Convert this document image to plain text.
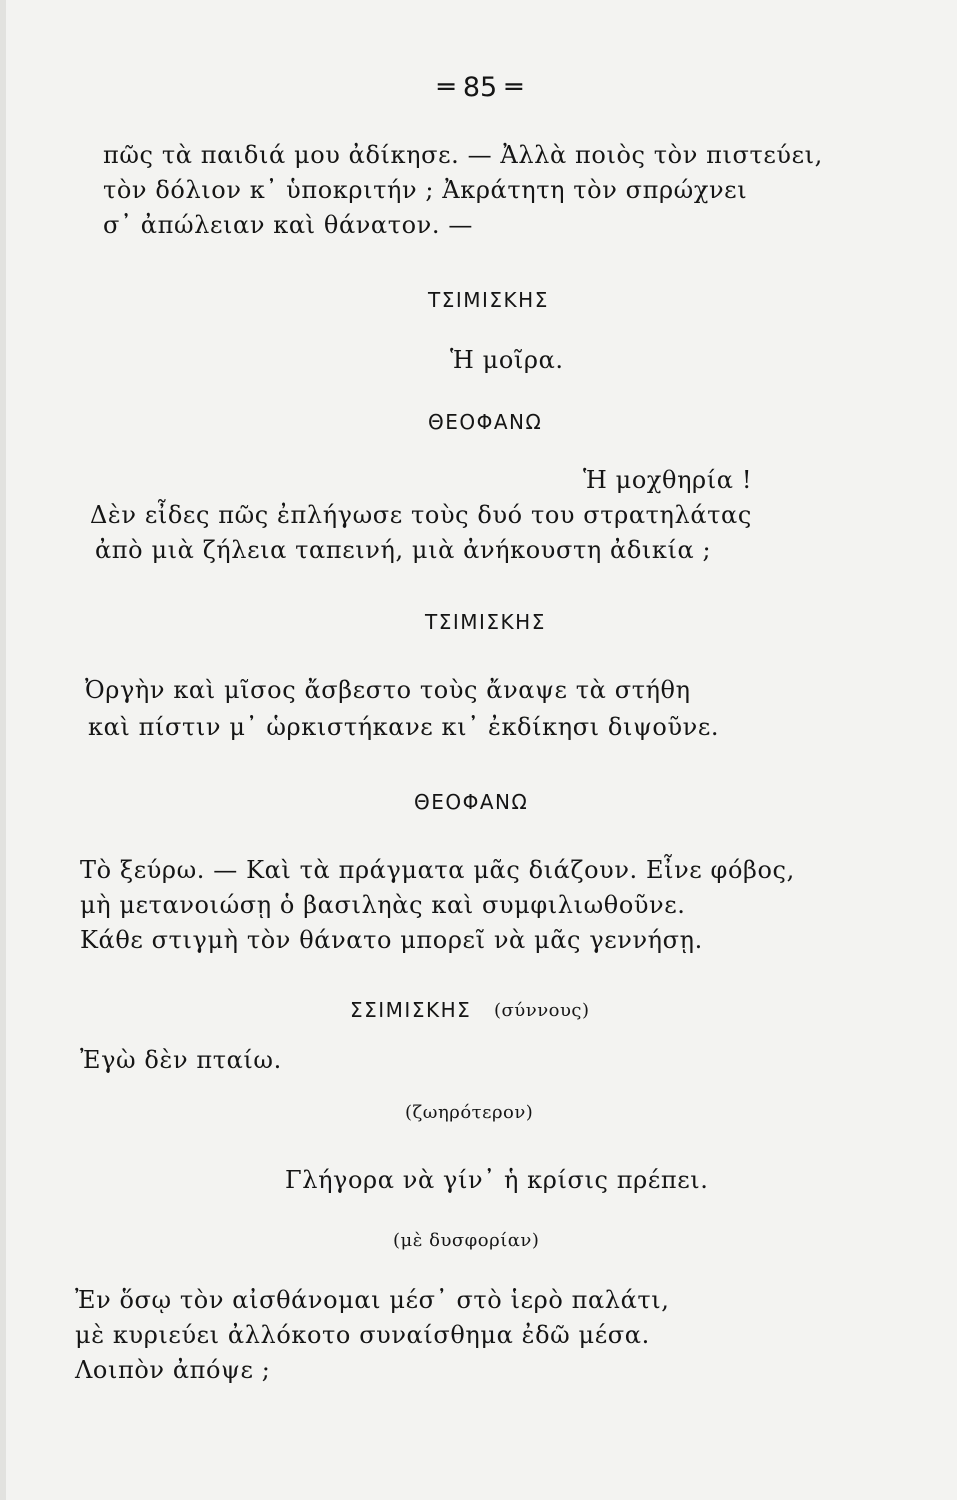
═ 85 ═
πῶς τὰ παιδιά μου ἀδίκησε. — Ἀλλὰ ποιὸς τὸν πιστεύει,
τὸν δόλιον κ᾽ ὑποκριτήν ; Ἀκράτητη τὸν σπρώχνει
σ᾽ ἀπώλειαν καὶ θάνατον. —
ΤΣΙΜΙΣΚΗΣ
Ἡ μοῖρα.
ΘΕΟΦΑΝΩ
Ἡ μοχθηρία !
Δὲν εἶδες πῶς ἐπλήγωσε τοὺς δυό του στρατηλάτας
ἀπὸ μιὰ ζήλεια ταπεινή, μιὰ ἀνήκουστη ἀδικία ;
ΤΣΙΜΙΣΚΗΣ
Ὀργὴν καὶ μῖσος ἄσβεστο τοὺς ἄναψε τὰ στήθη
καὶ πίστιν μ᾽ ὡρκιστήκανε κι᾽ ἐκδίκησι διψοῦνε.
ΘΕΟΦΑΝΩ
Τὸ ξεύρω. — Καὶ τὰ πράγματα μᾶς διάζουν. Εἶνε φόβος,
μὴ μετανοιώσῃ ὁ βασιληὰς καὶ συμφιλιωθοῦνε.
Κάθε στιγμὴ τὸν θάνατο μπορεῖ νὰ μᾶς γεννήσῃ.
ΣΣΙΜΙΣΚΗΣ (σύννους)
Ἐγὼ δὲν πταίω.
(ζωηρότερον)
Γλήγορα νὰ γίν᾽ ἡ κρίσις πρέπει.
(μὲ δυσφορίαν)
Ἐν ὅσῳ τὸν αἰσθάνομαι μέσ᾽ στὸ ἱερὸ παλάτι,
μὲ κυριεύει ἀλλόκοτο συναίσθημα ἐδῶ μέσα.
Λοιπὸν ἀπόψε ;
